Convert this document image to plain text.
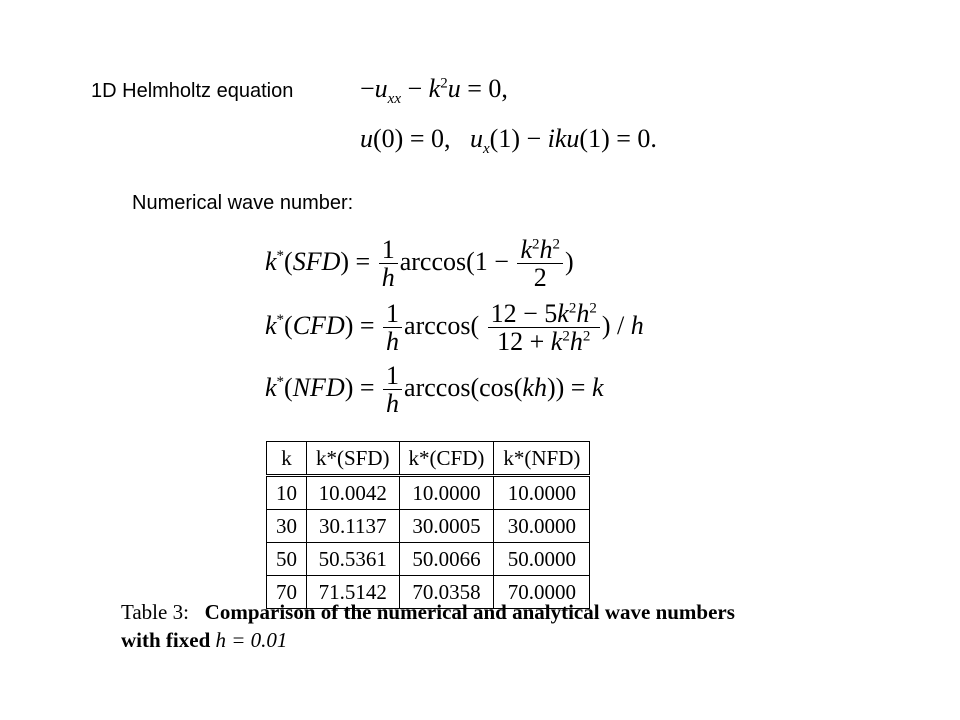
1D Helmholtz equation	$-u_{xx} - k^2u = 0$,
u(0) = 0,   $u_x(1) - iku(1) = 0$.
Numerical wave number:
$k^*(SFD) = \frac{1}{h} \arccos(1 - \frac{k^2h^2}{2}$ )
$k^*(CFD) = \frac{1}{h} \arccos( \frac{12 - 5k^2h^2}{12 + k^2h^2}$ ) / h
$k^*(NFD) = \frac{1}{h} \arccos(\cos(kh)) = k$
k	k*(SFD)	k*(CFD)	k*(NFD)
10	10.0042	10.0000	10.0000
30	30.1137	30.0005	30.0000
50	50.5361	50.0066	50.0000
70	71.5142	70.0358	70.0000
Table 3: Comparison of the numerical and analytical wave numbers with fixed h = 0.01
